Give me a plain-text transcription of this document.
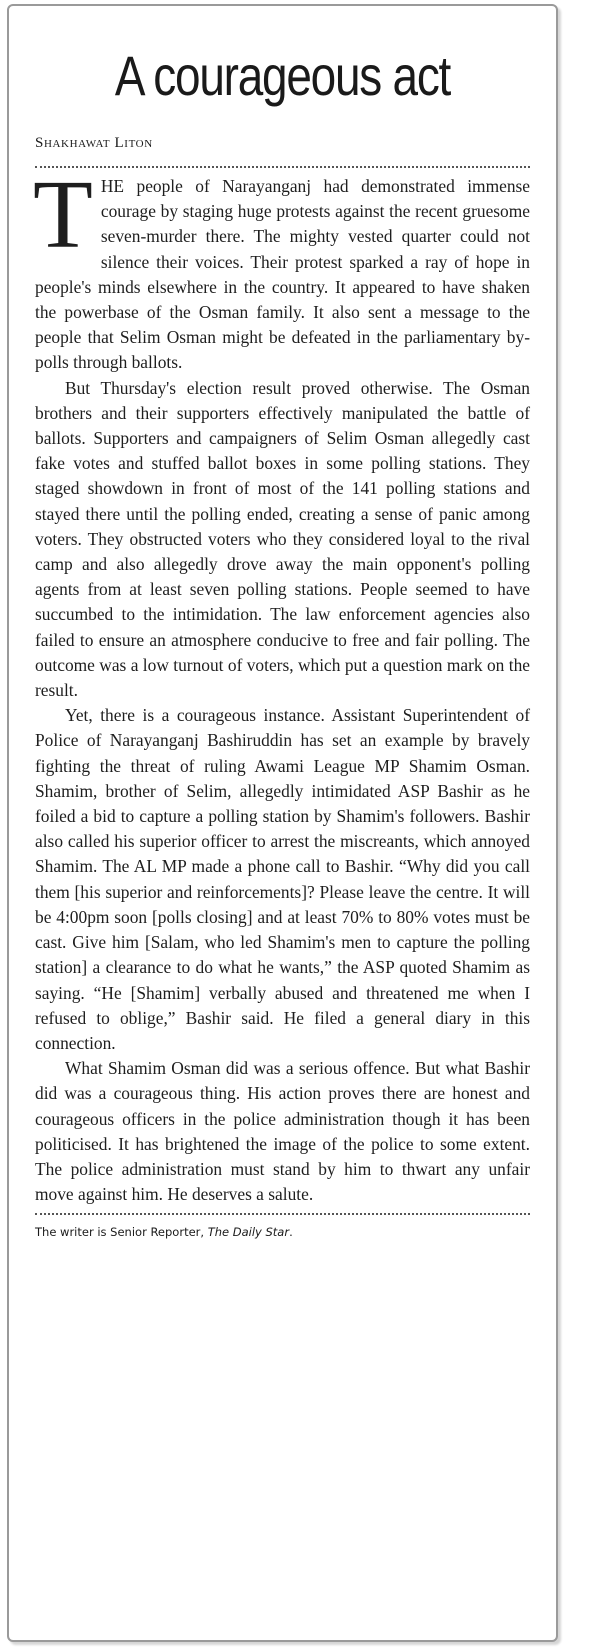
A courageous act
Shakhawat Liton

THE people of Narayanganj had demonstrated immense courage by staging huge protests against the recent gruesome seven-murder there. The mighty vested quarter could not silence their voices. Their protest sparked a ray of hope in people's minds elsewhere in the country. It appeared to have shaken the powerbase of the Osman family. It also sent a message to the people that Selim Osman might be defeated in the parliamentary by-polls through ballots.

But Thursday's election result proved otherwise. The Osman brothers and their supporters effectively manipulated the battle of ballots. Supporters and campaigners of Selim Osman allegedly cast fake votes and stuffed ballot boxes in some polling stations. They staged showdown in front of most of the 141 polling stations and stayed there until the polling ended, creating a sense of panic among voters. They obstructed voters who they considered loyal to the rival camp and also allegedly drove away the main opponent's polling agents from at least seven polling stations. People seemed to have succumbed to the intimidation. The law enforcement agencies also failed to ensure an atmosphere conducive to free and fair polling. The outcome was a low turnout of voters, which put a question mark on the result.

Yet, there is a courageous instance. Assistant Superintendent of Police of Narayanganj Bashiruddin has set an example by bravely fighting the threat of ruling Awami League MP Shamim Osman. Shamim, brother of Selim, allegedly intimidated ASP Bashir as he foiled a bid to capture a polling station by Shamim's followers. Bashir also called his superior officer to arrest the miscreants, which annoyed Shamim. The AL MP made a phone call to Bashir. “Why did you call them [his superior and reinforcements]? Please leave the centre. It will be 4:00pm soon [polls closing] and at least 70% to 80% votes must be cast. Give him [Salam, who led Shamim's men to capture the polling station] a clearance to do what he wants,” the ASP quoted Shamim as saying. “He [Shamim] verbally abused and threatened me when I refused to oblige,” Bashir said. He filed a general diary in this connection.

What Shamim Osman did was a serious offence. But what Bashir did was a courageous thing. His action proves there are honest and courageous officers in the police administration though it has been politicised. It has brightened the image of the police to some extent. The police administration must stand by him to thwart any unfair move against him. He deserves a salute.

The writer is Senior Reporter, The Daily Star.
